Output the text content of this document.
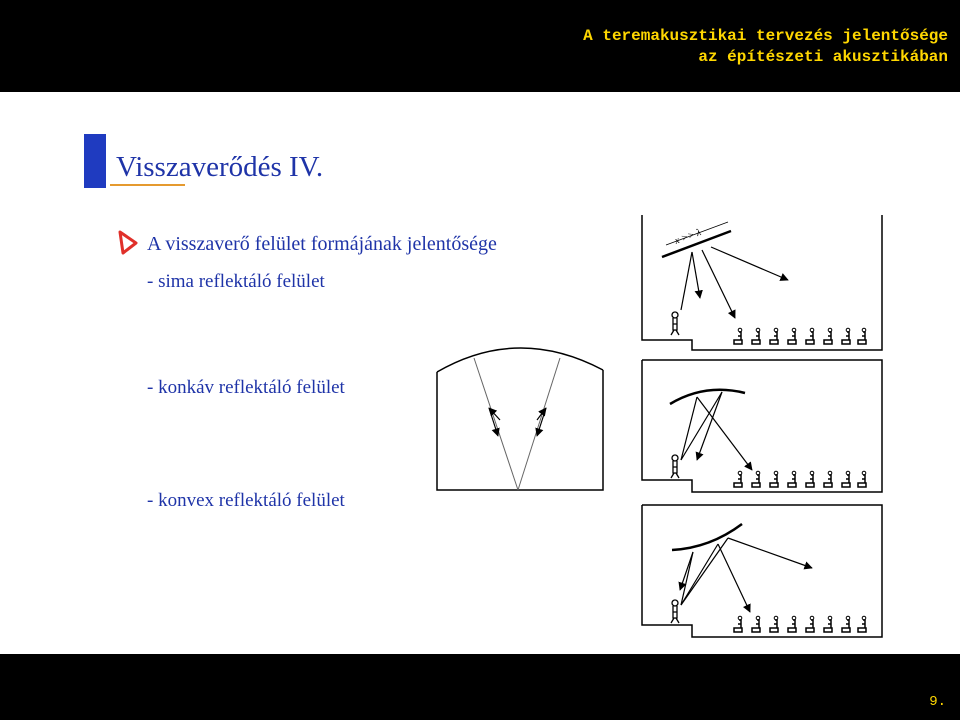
A teremakusztikai tervezés jelentősége
az építészeti akusztikában
Visszaverődés IV.
A visszaverő felület formájának jelentősége
- sima reflektáló felület
- konkáv reflektáló felület
- konvex reflektáló felület
x >> λ
9.
